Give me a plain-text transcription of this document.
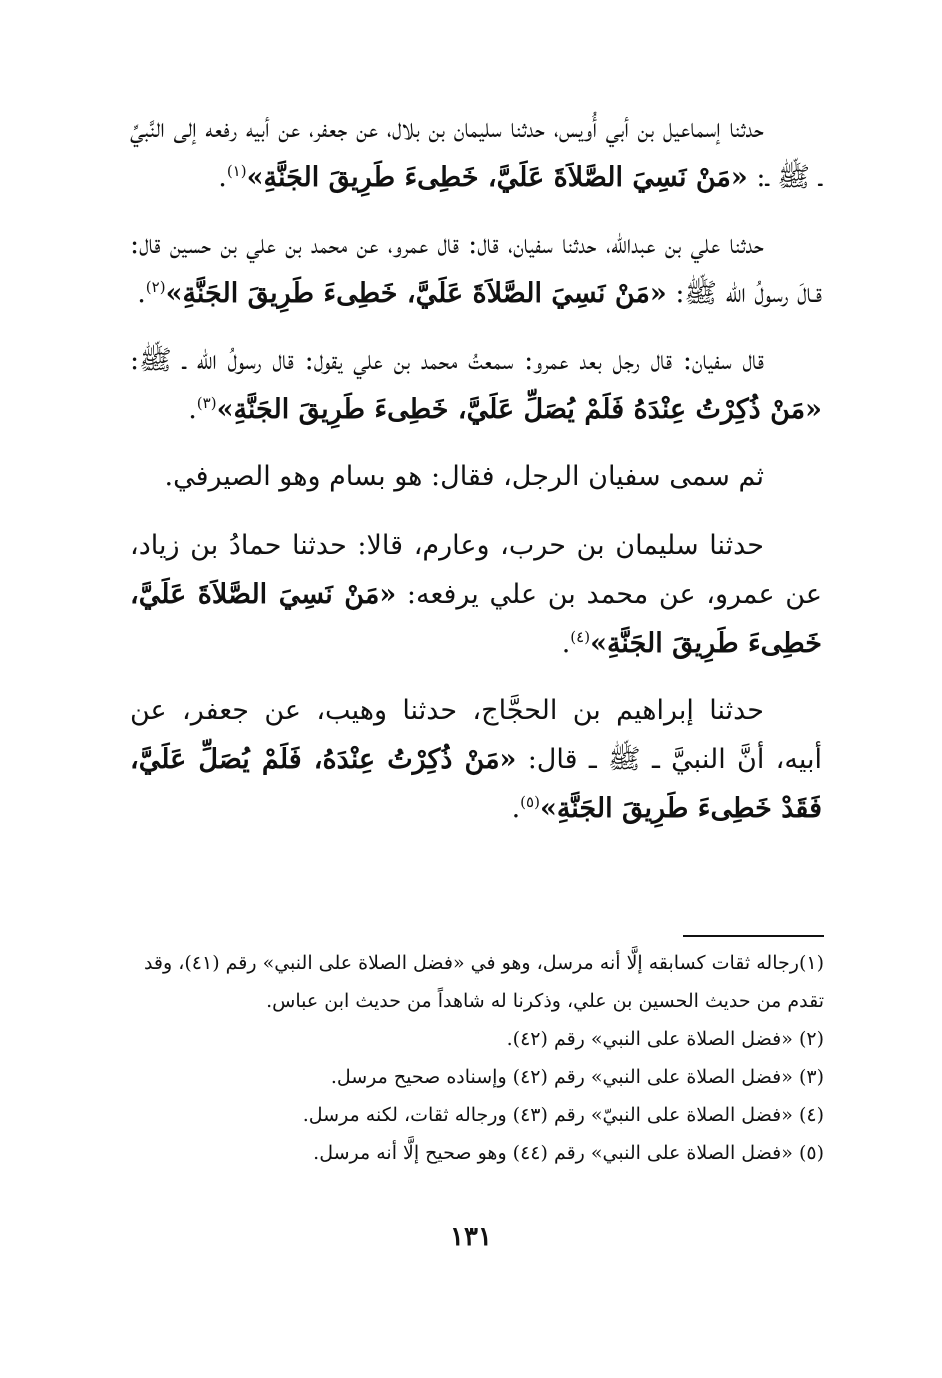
حدثنا إسماعيل بن أبي أُويس، حدثنا سليمان بن بلال، عن جعفر، عن أبيه رفعه إلى النَّبيِّ ـ ﷺ ـ: «مَنْ نَسِيَ الصَّلاَةَ عَلَيَّ، خَطِىءَ طَرِيقَ الجَنَّةِ»$^{(١)}$.

حدثنا علي بن عبدالله، حدثنا سفيان، قال: قال عمرو، عن محمد بن علي بن حسين قال: قـالَ رسولُ الله ﷺ: «مَنْ نَسِيَ الصَّلاَةَ عَلَيَّ، خَطِىءَ طَرِيقَ الجَنَّةِ»$^{(٢)}$.

قال سفيان: قال رجل بعد عمرو: سمعتُ محمد بن علي يقول: قال رسولُ الله ـ ﷺ: «مَنْ ذُكِرْتُ عِنْدَهُ فَلَمْ يُصَلِّ عَلَيَّ، خَطِىءَ طَرِيقَ الجَنَّةِ»$^{(٣)}$.

ثم سمى سفيان الرجل، فقال: هو بسام وهو الصيرفي.

حدثنا سليمان بن حرب، وعارم، قالا: حدثنا حمادُ بن زياد، عن عمرو، عن محمد بن علي يرفعه: «مَنْ نَسِيَ الصَّلاَةَ عَلَيَّ، خَطِىءَ طَرِيقَ الجَنَّةِ»$^{(٤)}$.

حدثنا إبراهيم بن الحجَّاج، حدثنا وهيب، عن جعفر، عن أبيه، أنَّ النبيَّ ـ ﷺ ـ قال: «مَنْ ذُكِرْتُ عِنْدَهُ، فَلَمْ يُصَلِّ عَلَيَّ، فَقَدْ خَطِىءَ طَرِيقَ الجَنَّةِ»$^{(٥)}$.

(١)رجاله ثقات كسابقه إلَّا أنه مرسل، وهو في «فضل الصلاة على النبي» رقم (٤١)، وقد تقدم من حديث الحسين بن علي، وذكرنا له شاهداً من حديث ابن عباس.

(٢) «فضل الصلاة على النبي» رقم (٤٢).

(٣) «فضل الصلاة على النبي» رقم (٤٢) وإسناده صحيح مرسل.

(٤) «فضل الصلاة على النبيّ» رقم (٤٣) ورجاله ثقات، لكنه مرسل.

(٥) «فضل الصلاة على النبي» رقم (٤٤) وهو صحيح إلَّا أنه مرسل.

١٣١
